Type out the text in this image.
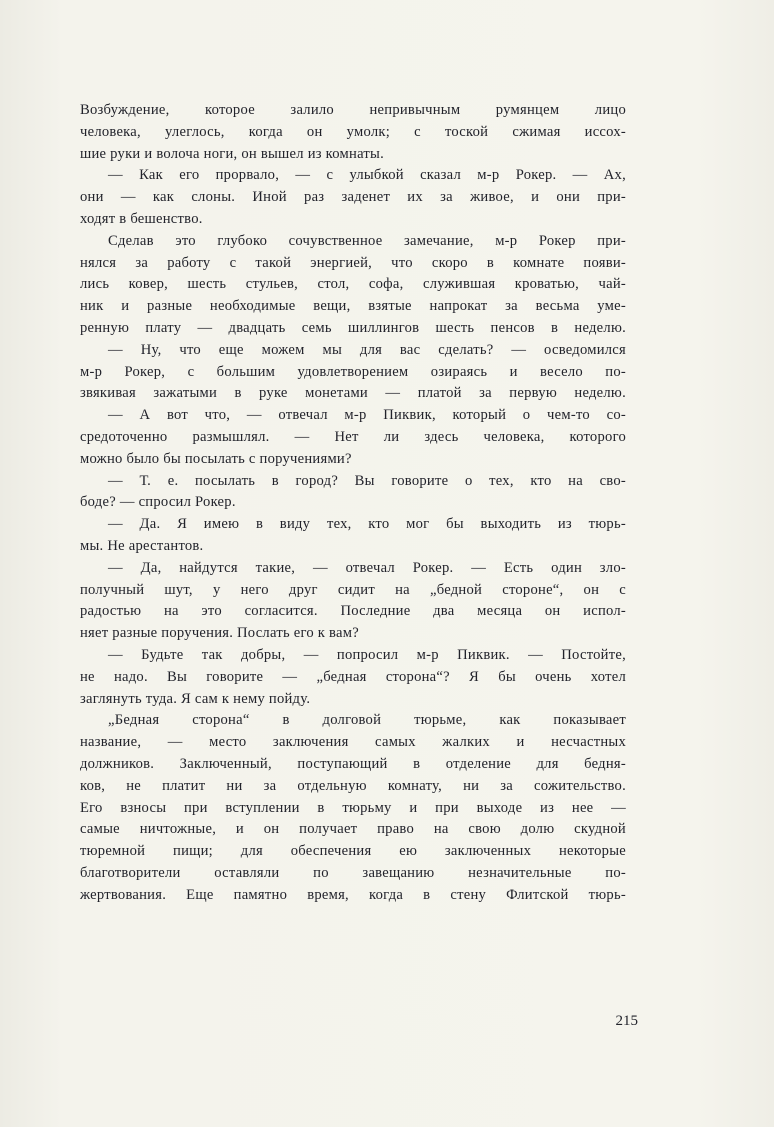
Возбуждение, которое залило непривычным румянцем лицо
человека, улеглось, когда он умолк; с тоской сжимая иссох-
шие руки и волоча ноги, он вышел из комнаты.
— Как его прорвало, — с улыбкой сказал м-р Рокер. — Ах,
они — как слоны. Иной раз заденет их за живое, и они при-
ходят в бешенство.
Сделав это глубоко сочувственное замечание, м-р Рокер при-
нялся за работу с такой энергией, что скоро в комнате появи-
лись ковер, шесть стульев, стол, софа, служившая кроватью, чай-
ник и разные необходимые вещи, взятые напрокат за весьма уме-
ренную плату — двадцать семь шиллингов шесть пенсов в неделю.
— Ну, что еще можем мы для вас сделать? — осведомился
м-р Рокер, с большим удовлетворением озираясь и весело по-
звякивая зажатыми в руке монетами — платой за первую неделю.
— А вот что, — отвечал м-р Пиквик, который о чем-то со-
средоточенно размышлял. — Нет ли здесь человека, которого
можно было бы посылать с поручениями?
— Т. е. посылать в город? Вы говорите о тех, кто на сво-
боде? — спросил Рокер.
— Да. Я имею в виду тех, кто мог бы выходить из тюрь-
мы. Не арестантов.
— Да, найдутся такие, — отвечал Рокер. — Есть один зло-
получный шут, у него друг сидит на „бедной стороне“, он с
радостью на это согласится. Последние два месяца он испол-
няет разные поручения. Послать его к вам?
— Будьте так добры, — попросил м-р Пиквик. — Постойте,
не надо. Вы говорите — „бедная сторона“? Я бы очень хотел
заглянуть туда. Я сам к нему пойду.
„Бедная сторона“ в долговой тюрьме, как показывает
название, — место заключения самых жалких и несчастных
должников. Заключенный, поступающий в отделение для бедня-
ков, не платит ни за отдельную комнату, ни за сожительство.
Его взносы при вступлении в тюрьму и при выходе из нее —
самые ничтожные, и он получает право на свою долю скудной
тюремной пищи; для обеспечения ею заключенных некоторые
благотворители оставляли по завещанию незначительные по-
жертвования. Еще памятно время, когда в стену Флитской тюрь-
215
